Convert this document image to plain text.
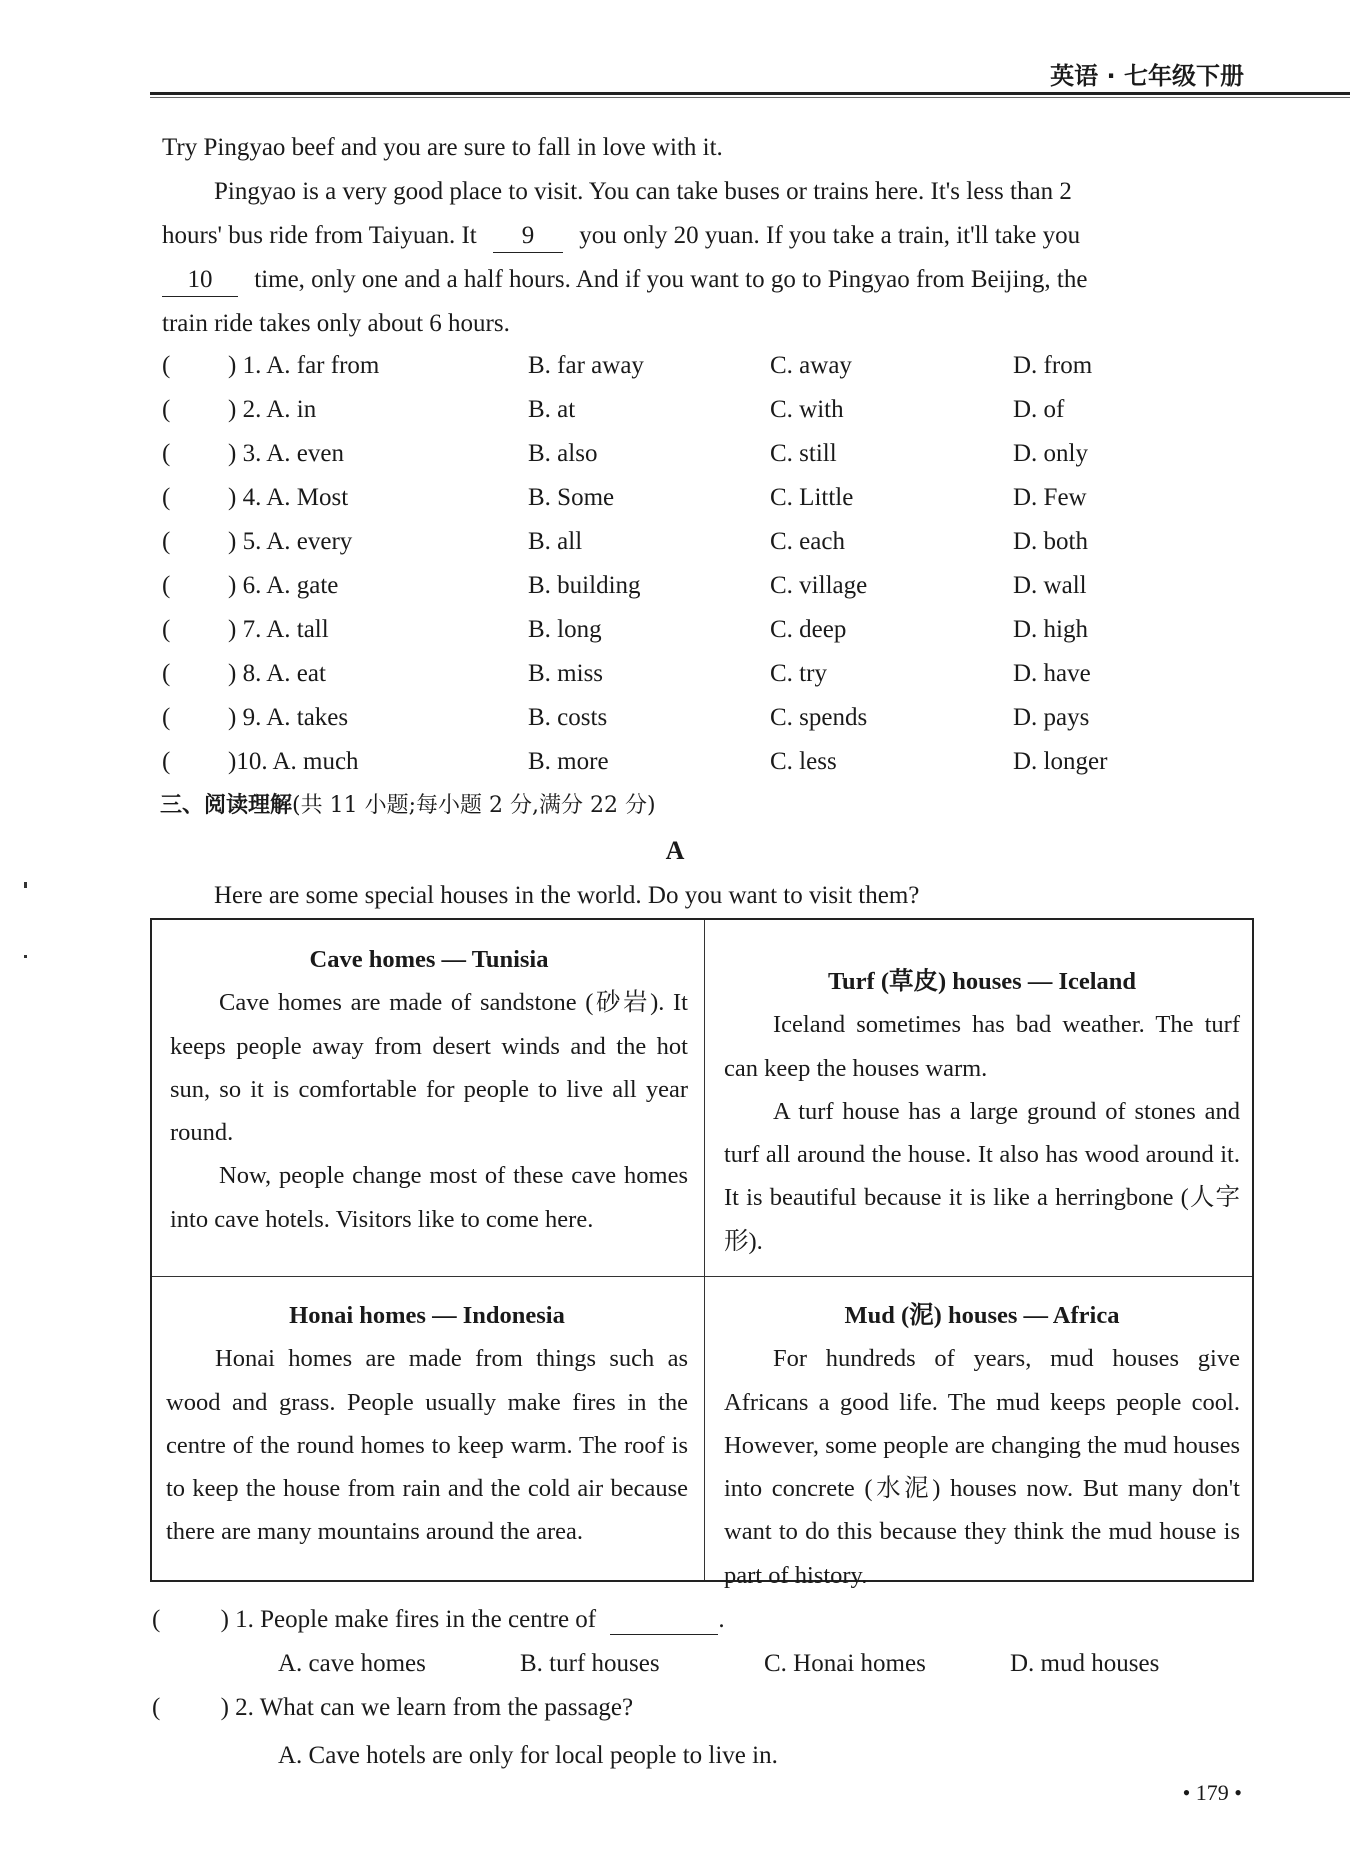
英语 · 七年级下册
Try Pingyao beef and you are sure to fall in love with it.
Pingyao is a very good place to visit. You can take buses or trains here. It's less than 2
hours' bus ride from Taiyuan. It 9 you only 20 yuan. If you take a train, it'll take you
10 time, only one and a half hours. And if you want to go to Pingyao from Beijing, the
train ride takes only about 6 hours.
( ) 1. A. far from	B. far away	C. away	D. from
( ) 2. A. in	B. at	C. with	D. of
( ) 3. A. even	B. also	C. still	D. only
( ) 4. A. Most	B. Some	C. Little	D. Few
( ) 5. A. every	B. all	C. each	D. both
( ) 6. A. gate	B. building	C. village	D. wall
( ) 7. A. tall	B. long	C. deep	D. high
( ) 8. A. eat	B. miss	C. try	D. have
( ) 9. A. takes	B. costs	C. spends	D. pays
( )10. A. much	B. more	C. less	D. longer
三、阅读理解(共 11 小题;每小题 2 分,满分 22 分)
A
Here are some special houses in the world. Do you want to visit them?
Cave homes — Tunisia

Cave homes are made of sandstone (砂岩). It keeps people away from desert winds and the hot sun, so it is comfortable for people to live all year round.

Now, people change most of these cave homes into cave hotels. Visitors like to come here.

Turf (草皮) houses — Iceland

Iceland sometimes has bad weather. The turf can keep the houses warm.

A turf house has a large ground of stones and turf all around the house. It also has wood around it. It is beautiful because it is like a herringbone (人字形).

Honai homes — Indonesia

Honai homes are made from things such as wood and grass. People usually make fires in the centre of the round homes to keep warm. The roof is to keep the house from rain and the cold air because there are many mountains around the area.

Mud (泥) houses — Africa

For hundreds of years, mud houses give Africans a good life. The mud keeps people cool. However, some people are changing the mud houses into concrete (水泥) houses now. But many don't want to do this because they think the mud house is part of history.

( ) 1. People make fires in the centre of	.
A. cave homes	B. turf houses	C. Honai homes	D. mud houses
( ) 2. What can we learn from the passage?
A. Cave hotels are only for local people to live in.
• 179 •
